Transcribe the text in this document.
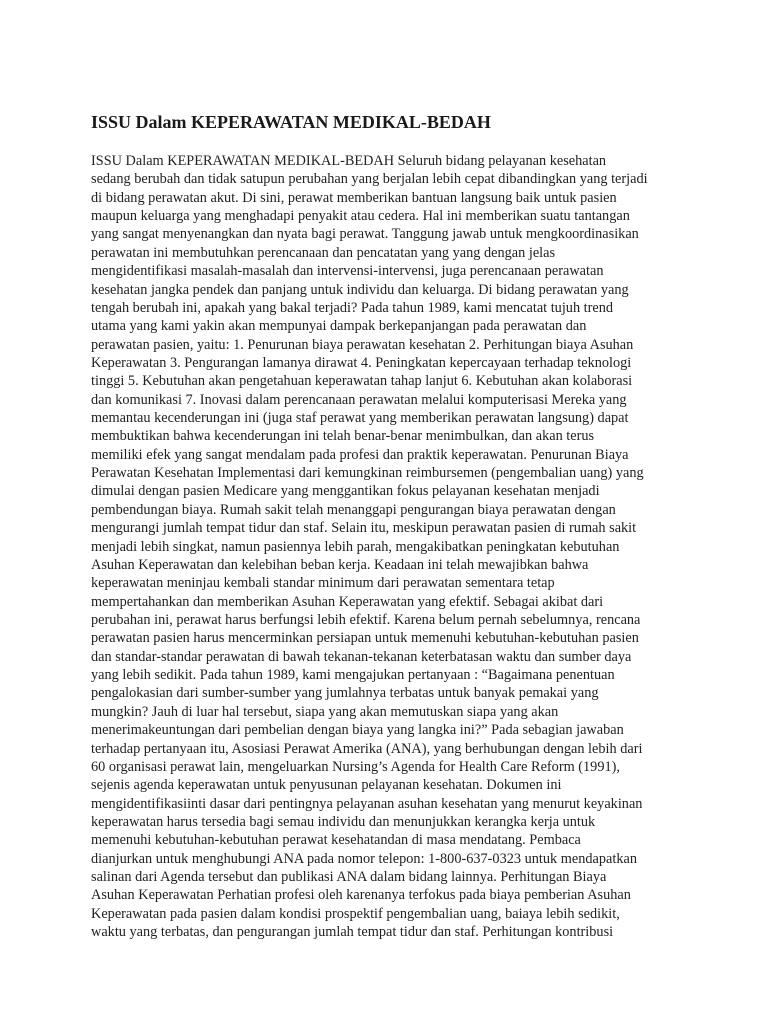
ISSU Dalam KEPERAWATAN MEDIKAL-BEDAH
ISSU Dalam KEPERAWATAN MEDIKAL-BEDAH Seluruh bidang pelayanan kesehatan
sedang berubah dan tidak satupun perubahan yang berjalan lebih cepat dibandingkan yang terjadi
di bidang perawatan akut. Di sini, perawat memberikan bantuan langsung baik untuk pasien
maupun keluarga yang menghadapi penyakit atau cedera. Hal ini memberikan suatu tantangan
yang sangat menyenangkan dan nyata bagi perawat. Tanggung jawab untuk mengkoordinasikan
perawatan ini membutuhkan perencanaan dan pencatatan yang yang dengan jelas
mengidentifikasi masalah-masalah dan intervensi-intervensi, juga perencanaan perawatan
kesehatan jangka pendek dan panjang untuk individu dan keluarga. Di bidang perawatan yang
tengah berubah ini, apakah yang bakal terjadi? Pada tahun 1989, kami mencatat tujuh trend
utama yang kami yakin akan mempunyai dampak berkepanjangan pada perawatan dan
perawatan pasien, yaitu: 1. Penurunan biaya perawatan kesehatan 2. Perhitungan biaya Asuhan
Keperawatan 3. Pengurangan lamanya dirawat 4. Peningkatan kepercayaan terhadap teknologi
tinggi 5. Kebutuhan akan pengetahuan keperawatan tahap lanjut 6. Kebutuhan akan kolaborasi
dan komunikasi 7. Inovasi dalam perencanaan perawatan melalui komputerisasi Mereka yang
memantau kecenderungan ini (juga staf perawat yang memberikan perawatan langsung) dapat
membuktikan bahwa kecenderungan ini telah benar-benar menimbulkan, dan akan terus
memiliki efek yang sangat mendalam pada profesi dan praktik keperawatan. Penurunan Biaya
Perawatan Kesehatan Implementasi dari kemungkinan reimbursemen (pengembalian uang) yang
dimulai dengan pasien Medicare yang menggantikan fokus pelayanan kesehatan menjadi
pembendungan biaya. Rumah sakit telah menanggapi pengurangan biaya perawatan dengan
mengurangi jumlah tempat tidur dan staf. Selain itu, meskipun perawatan pasien di rumah sakit
menjadi lebih singkat, namun pasiennya lebih parah, mengakibatkan peningkatan kebutuhan
Asuhan Keperawatan dan kelebihan beban kerja. Keadaan ini telah mewajibkan bahwa
keperawatan meninjau kembali standar minimum dari perawatan sementara tetap
mempertahankan dan memberikan Asuhan Keperawatan yang efektif. Sebagai akibat dari
perubahan ini, perawat harus berfungsi lebih efektif. Karena belum pernah sebelumnya, rencana
perawatan pasien harus mencerminkan persiapan untuk memenuhi kebutuhan-kebutuhan pasien
dan standar-standar perawatan di bawah tekanan-tekanan keterbatasan waktu dan sumber daya
yang lebih sedikit. Pada tahun 1989, kami mengajukan pertanyaan : “Bagaimana penentuan
pengalokasian dari sumber-sumber yang jumlahnya terbatas untuk banyak pemakai yang
mungkin? Jauh di luar hal tersebut, siapa yang akan memutuskan siapa yang akan
menerimakeuntungan dari pembelian dengan biaya yang langka ini?” Pada sebagian jawaban
terhadap pertanyaan itu, Asosiasi Perawat Amerika (ANA), yang berhubungan dengan lebih dari
60 organisasi perawat lain, mengeluarkan Nursing’s Agenda for Health Care Reform (1991),
sejenis agenda keperawatan untuk penyusunan pelayanan kesehatan. Dokumen ini
mengidentifikasiinti dasar dari pentingnya pelayanan asuhan kesehatan yang menurut keyakinan
keperawatan harus tersedia bagi semau individu dan menunjukkan kerangka kerja untuk
memenuhi kebutuhan-kebutuhan perawat kesehatandan di masa mendatang. Pembaca
dianjurkan untuk menghubungi ANA pada nomor telepon: 1-800-637-0323 untuk mendapatkan
salinan dari Agenda tersebut dan publikasi ANA dalam bidang lainnya. Perhitungan Biaya
Asuhan Keperawatan Perhatian profesi oleh karenanya terfokus pada biaya pemberian Asuhan
Keperawatan pada pasien dalam kondisi prospektif pengembalian uang, baiaya lebih sedikit,
waktu yang terbatas, dan pengurangan jumlah tempat tidur dan staf. Perhitungan kontribusi
